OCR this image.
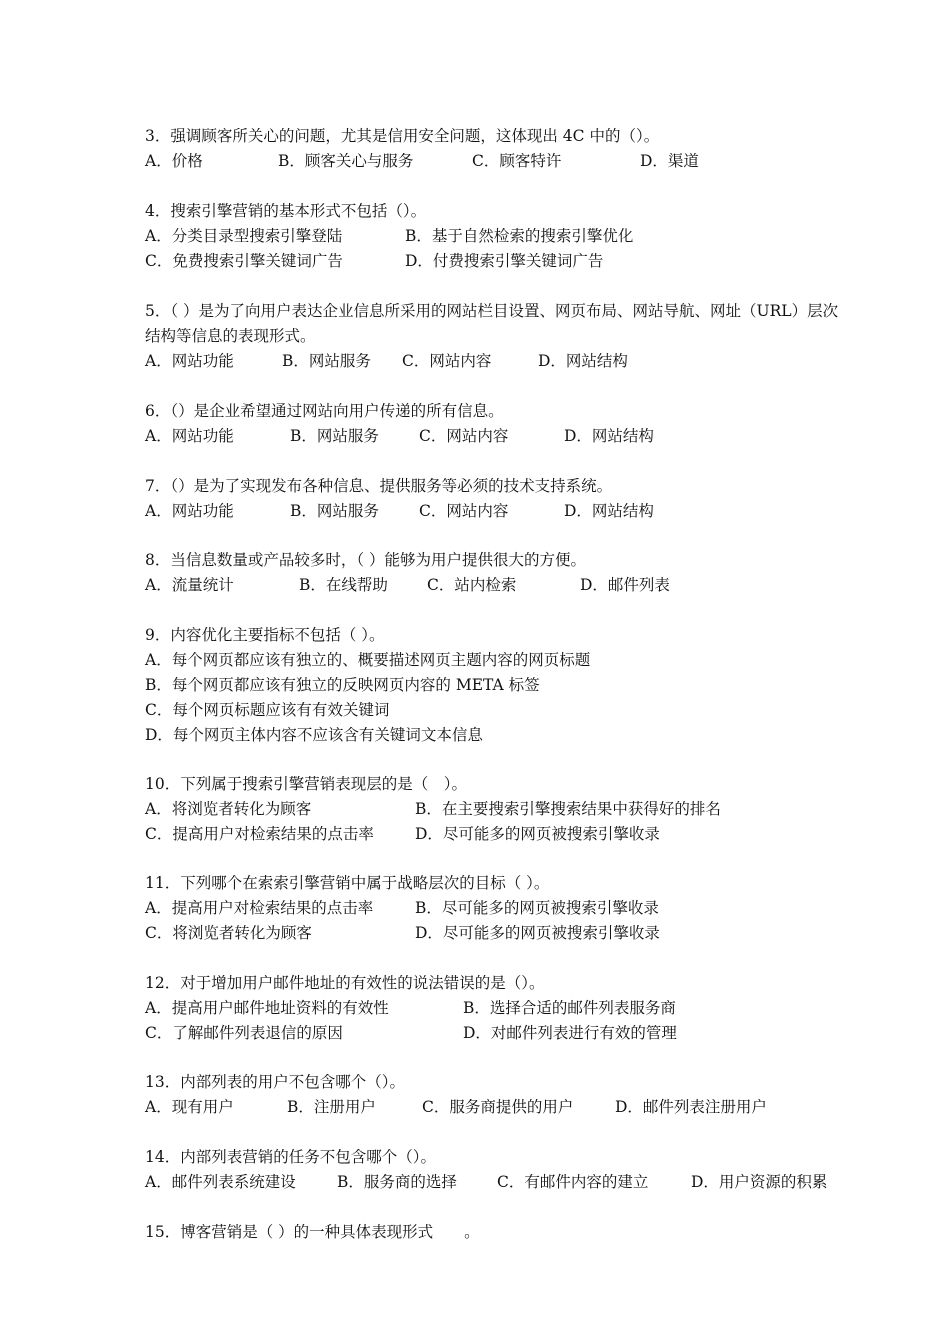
3．强调顾客所关心的问题，尤其是信用安全问题，这体现出 4C 中的（）。
A．价格	B．顾客关心与服务	C．顾客特许	D．渠道
4．搜索引擎营销的基本形式不包括（）。
A．分类目录型搜索引擎登陆	B．基于自然检索的搜索引擎优化
C．免费搜索引擎关键词广告	D．付费搜索引擎关键词广告
5．（ ）是为了向用户表达企业信息所采用的网站栏目设置、网页布局、网站导航、网址（URL）层次结构等信息的表现形式。
A．网站功能	B．网站服务 C．网站内容	D．网站结构
6．（）是企业希望通过网站向用户传递的所有信息。
A．网站功能	B．网站服务	C．网站内容	D．网站结构
7．（）是为了实现发布各种信息、提供服务等必须的技术支持系统。
A．网站功能	B．网站服务	C．网站内容	D．网站结构
8．当信息数量或产品较多时，（ ）能够为用户提供很大的方便。
A．流量统计	B．在线帮助	C．站内检索	D．邮件列表
9．内容优化主要指标不包括（ ）。
A．每个网页都应该有独立的、概要描述网页主题内容的网页标题
B．每个网页都应该有独立的反映网页内容的 META 标签
C．每个网页标题应该有有效关键词
D．每个网页主体内容不应该含有关键词文本信息
10．下列属于搜索引擎营销表现层的是（　）。
A．将浏览者转化为顾客	B．在主要搜索引擎搜索结果中获得好的排名
C．提高用户对检索结果的点击率	D．尽可能多的网页被搜索引擎收录
11．下列哪个在索索引擎营销中属于战略层次的目标（ ）。
A．提高用户对检索结果的点击率	B．尽可能多的网页被搜索引擎收录
C．将浏览者转化为顾客	D．尽可能多的网页被搜索引擎收录
12．对于增加用户邮件地址的有效性的说法错误的是（）。
A．提高用户邮件地址资料的有效性	B．选择合适的邮件列表服务商
C．了解邮件列表退信的原因	D．对邮件列表进行有效的管理
13．内部列表的用户不包含哪个（）。
A．现有用户	B．注册用户	C．服务商提供的用户	D．邮件列表注册用户
14．内部列表营销的任务不包含哪个（）。
A．邮件列表系统建设	B．服务商的选择	C．有邮件内容的建立	D．用户资源的积累
15．博客营销是（ ）的一种具体表现形式　　。
